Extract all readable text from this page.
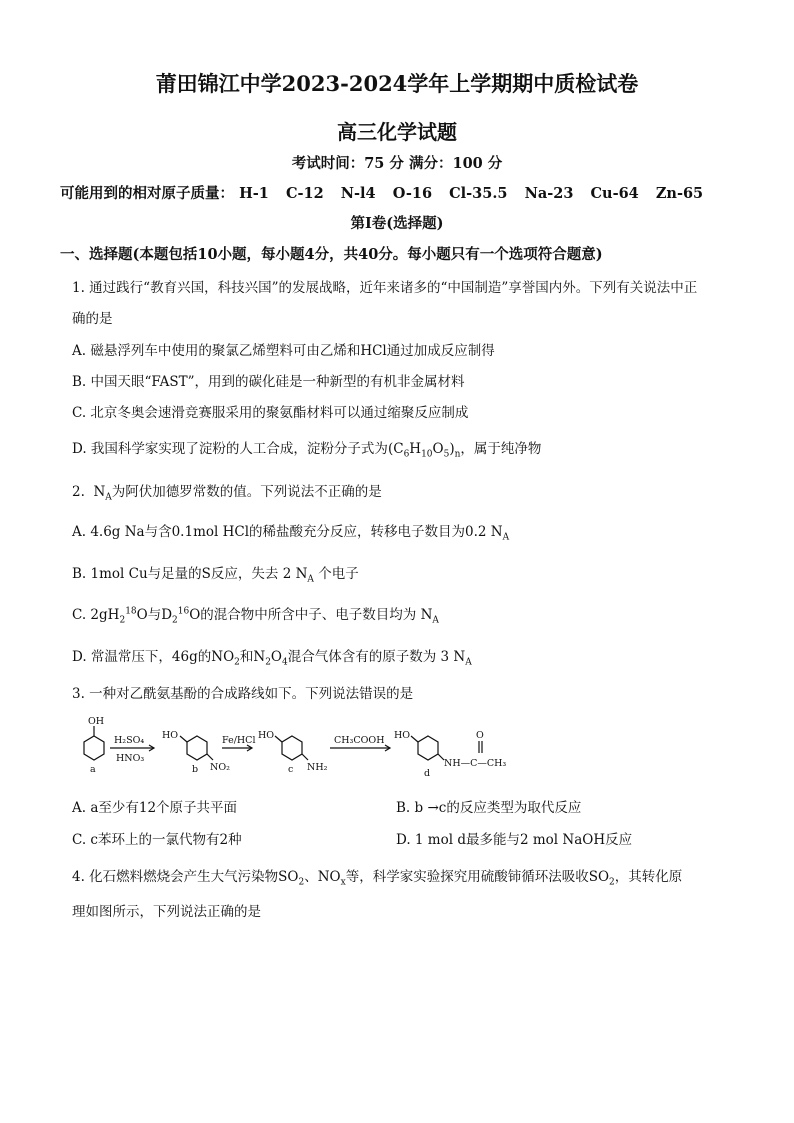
莆田锦江中学2023-2024学年上学期期中质检试卷
高三化学试题
考试时间：75 分 满分：100 分
可能用到的相对原子质量： H-1 C-12 N-l4 O-16 Cl-35.5 Na-23 Cu-64 Zn-65
第Ⅰ卷(选择题)
一、选择题(本题包括10小题，每小题4分，共40分。每小题只有一个选项符合题意)
1. 通过践行“教育兴国，科技兴国”的发展战略，近年来诸多的“中国制造”享誉国内外。下列有关说法中正
确的是
A. 磁悬浮列车中使用的聚氯乙烯塑料可由乙烯和HCl通过加成反应制得
B. 中国天眼“FAST”，用到的碳化硅是一种新型的有机非金属材料
C. 北京冬奥会速滑竞赛服采用的聚氨酯材料可以通过缩聚反应制成
D. 我国科学家实现了淀粉的人工合成，淀粉分子式为$(C_6H_{10}O_5)_n$，属于纯净物
2.  $N_A$为阿伏加德罗常数的值。下列说法不正确的是
A. 4.6g Na与含0.1mol HCl的稀盐酸充分反应，转移电子数目为0.2 $N_A$
B. 1mol Cu与足量的S反应，失去 2 $N_A$ 个电子
C. $2gH_2^{18}O$与$D_2^{16}O$的混合物中所含中子、电子数目均为 $N_A$
D. 常温常压下，46g的$NO_2$和$N_2O_4$混合气体含有的原子数为 3 $N_A$
3. 一种对乙酰氨基酚的合成路线如下。下列说法错误的是
OH
a
H₂SO₄
HNO₃
HO
NO₂
b
Fe/HCl HO
NH₂
c
CH₃COOH HO
NH—C—CH₃
O
d
A. a至少有12个原子共平面	B. b →c的反应类型为取代反应
C. c苯环上的一氯代物有2种	D. 1 mol d最多能与2 mol NaOH反应
4. 化石燃料燃烧会产生大气污染物$SO_2$、$NO_x$等，科学家实验探究用硫酸铈循环法吸收$SO_2$，其转化原
理如图所示，下列说法正确的是
